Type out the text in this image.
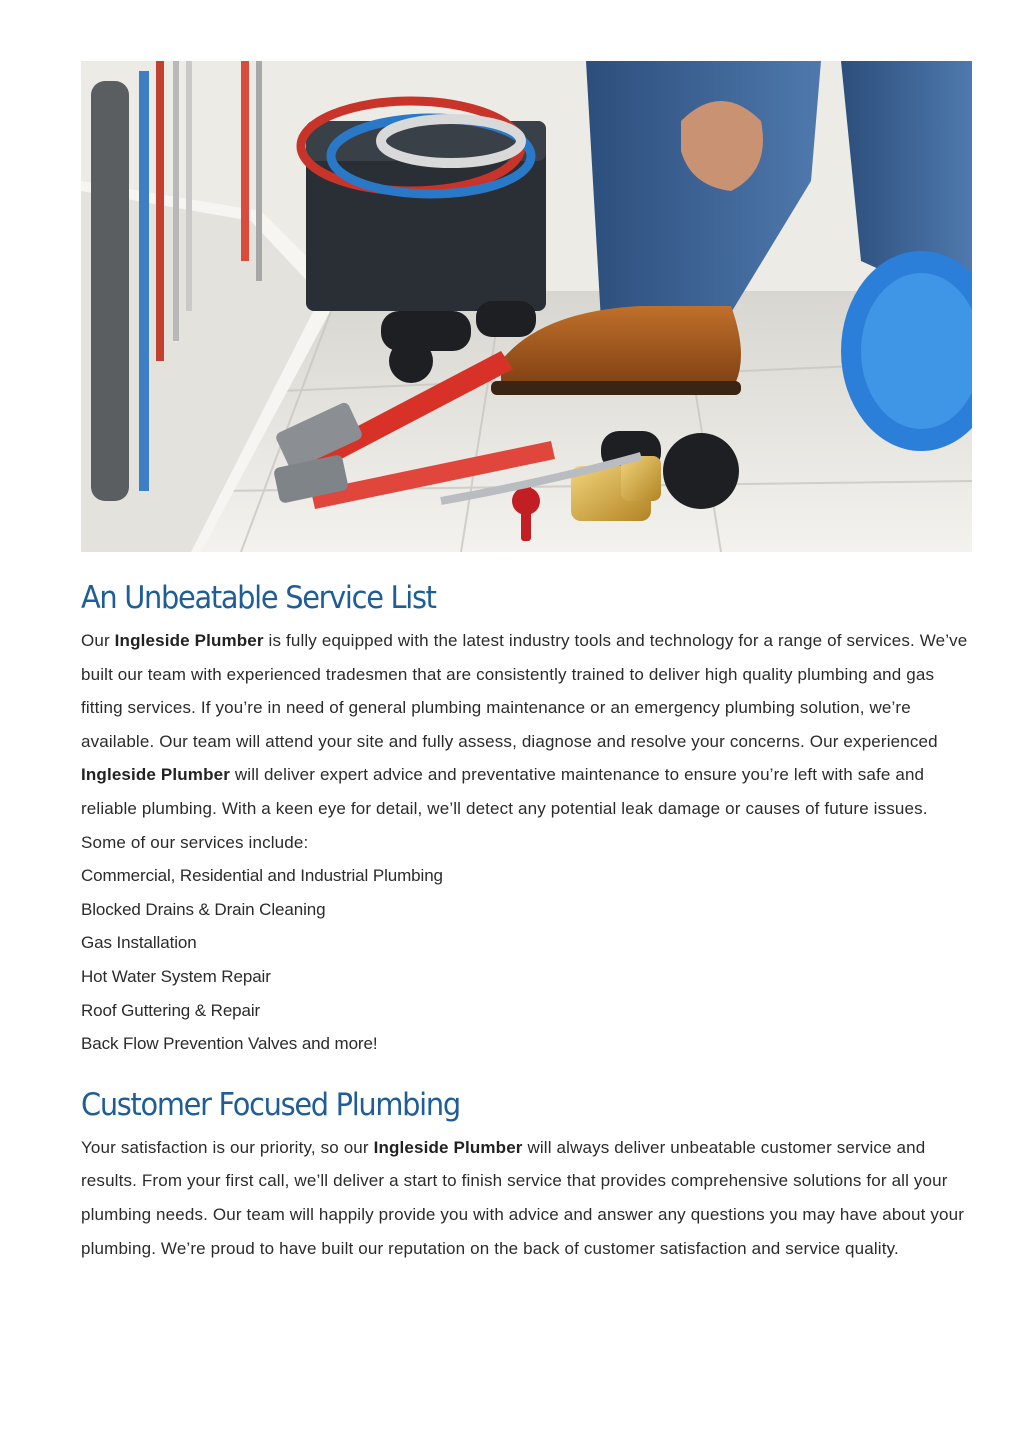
An Unbeatable Service List

Our Ingleside Plumber is fully equipped with the latest industry tools and technology for a range of services. We’ve built our team with experienced tradesmen that are consistently trained to deliver high quality plumbing and gas fitting services. If you’re in need of general plumbing maintenance or an emergency plumbing solution, we’re available. Our team will attend your site and fully assess, diagnose and resolve your concerns. Our experienced Ingleside Plumber will deliver expert advice and preventative maintenance to ensure you’re left with safe and reliable plumbing. With a keen eye for detail, we’ll detect any potential leak damage or causes of future issues.

Some of our services include:

Commercial, Residential and Industrial Plumbing
Blocked Drains & Drain Cleaning
Gas Installation
Hot Water System Repair
Roof Guttering & Repair
Back Flow Prevention Valves and more!
Customer Focused Plumbing

Your satisfaction is our priority, so our Ingleside Plumber will always deliver unbeatable customer service and results. From your first call, we’ll deliver a start to finish service that provides comprehensive solutions for all your plumbing needs. Our team will happily provide you with advice and answer any questions you may have about your plumbing. We’re proud to have built our reputation on the back of customer satisfaction and service quality.
